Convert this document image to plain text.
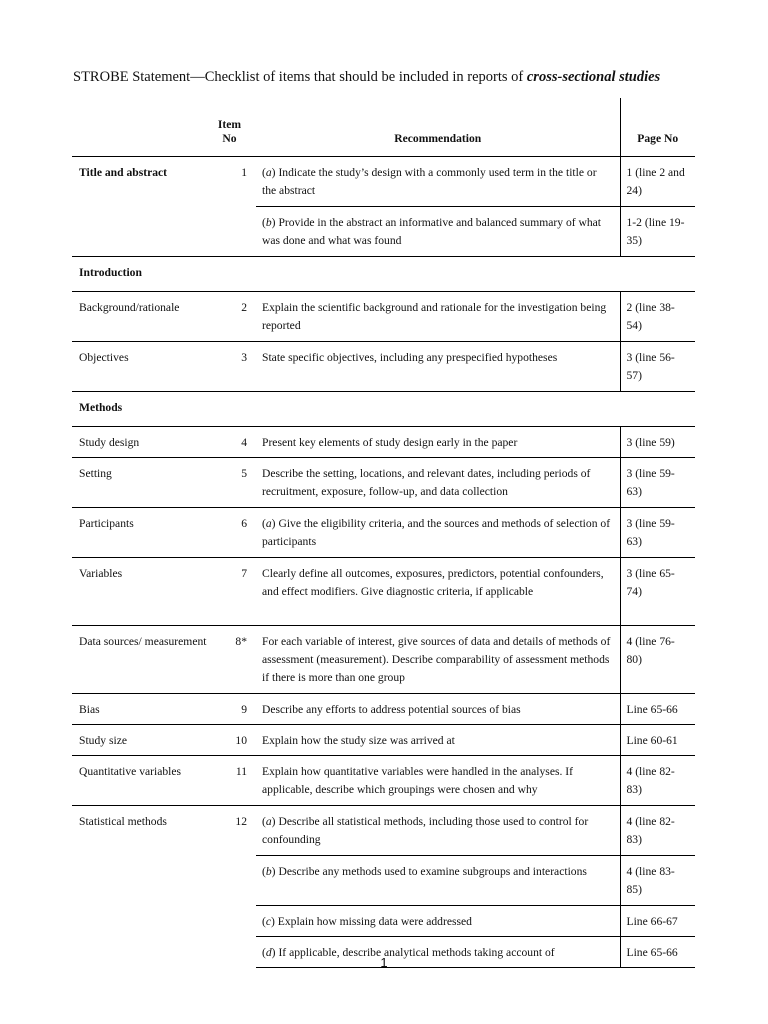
STROBE Statement—Checklist of items that should be included in reports of cross-sectional studies
	Item No		Recommendation	Page No
Title and abstract	1		(a) Indicate the study’s design with a commonly used term in the title or the abstract	1 (line 2 and 24)
			(b) Provide in the abstract an informative and balanced summary of what was done and what was found	1-2 (line 19-35)
Introduction				
Background/rationale	2		Explain the scientific background and rationale for the investigation being reported	2 (line 38-54)
Objectives	3		State specific objectives, including any prespecified hypotheses	3 (line 56-57)
Methods				
Study design	4		Present key elements of study design early in the paper	3 (line 59)
Setting	5		Describe the setting, locations, and relevant dates, including periods of recruitment, exposure, follow-up, and data collection	3 (line 59-63)
Participants	6		(a) Give the eligibility criteria, and the sources and methods of selection of participants	3 (line 59-63)
Variables	7		Clearly define all outcomes, exposures, predictors, potential confounders, and effect modifiers. Give diagnostic criteria, if applicable	3 (line 65-74)
Data sources/ measurement	8*		For each variable of interest, give sources of data and details of methods of assessment (measurement). Describe comparability of assessment methods if there is more than one group	4 (line 76-80)
Bias	9		Describe any efforts to address potential sources of bias	Line 65-66
Study size	10		Explain how the study size was arrived at	Line 60-61
Quantitative variables	11		Explain how quantitative variables were handled in the analyses. If applicable, describe which groupings were chosen and why	4 (line 82-83)
Statistical methods	12		(a) Describe all statistical methods, including those used to control for confounding	4 (line 82-83)
			(b) Describe any methods used to examine subgroups and interactions	4 (line 83-85)
			(c) Explain how missing data were addressed	Line 66-67
			(d) If applicable, describe analytical methods taking account of	Line 65-66
1
